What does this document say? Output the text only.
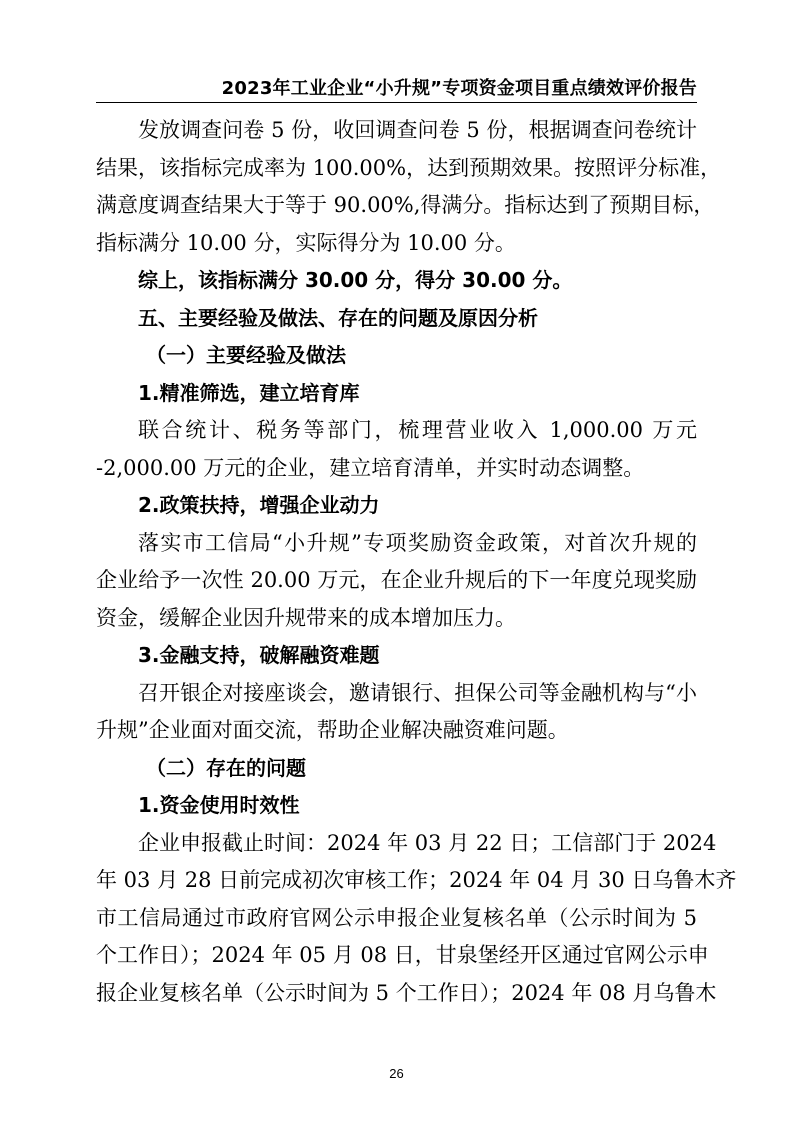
2023年工业企业“小升规”专项资金项目重点绩效评价报告

发放调查问卷 5 份，收回调查问卷 5 份，根据调查问卷统计
结果，该指标完成率为 100.00%，达到预期效果。按照评分标准，
满意度调查结果大于等于 90.00%,得满分。指标达到了预期目标，
指标满分 10.00 分，实际得分为 10.00 分。

综上，该指标满分 30.00 分，得分 30.00 分。

五、主要经验及做法、存在的问题及原因分析

（一）主要经验及做法

1.精准筛选，建立培育库

联合统计、税务等部门，梳理营业收入 1,000.00 万元
-2,000.00 万元的企业，建立培育清单，并实时动态调整。

2.政策扶持，增强企业动力

落实市工信局“小升规”专项奖励资金政策，对首次升规的
企业给予一次性 20.00 万元，在企业升规后的下一年度兑现奖励
资金，缓解企业因升规带来的成本增加压力。

3.金融支持，破解融资难题

召开银企对接座谈会，邀请银行、担保公司等金融机构与“小
升规”企业面对面交流，帮助企业解决融资难问题。

（二）存在的问题

1.资金使用时效性

企业申报截止时间：2024 年 03 月 22 日；工信部门于 2024
年 03 月 28 日前完成初次审核工作；2024 年 04 月 30 日乌鲁木齐
市工信局通过市政府官网公示申报企业复核名单（公示时间为 5
个工作日）；2024 年 05 月 08 日，甘泉堡经开区通过官网公示申
报企业复核名单（公示时间为 5 个工作日）；2024 年 08 月乌鲁木

26
